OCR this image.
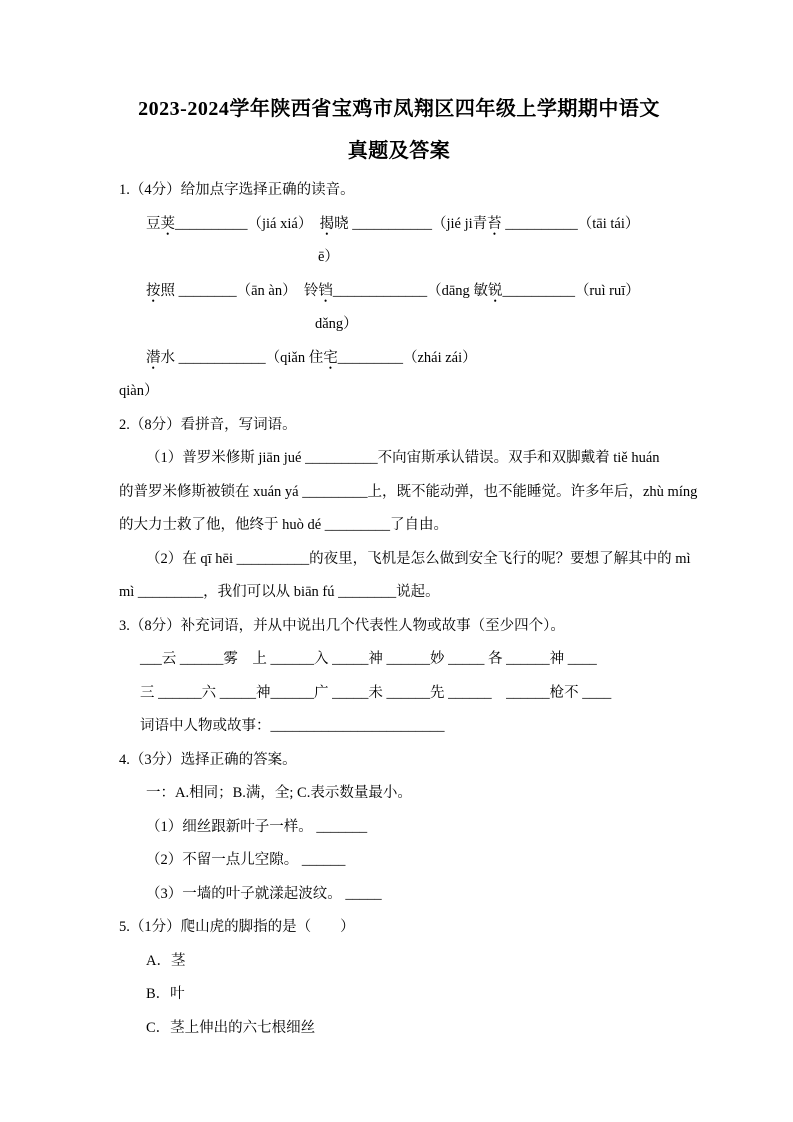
2023-2024学年陕西省宝鸡市凤翔区四年级上学期期中语文
真题及答案
1.（4分）给加点字选择正确的读音。
豆荚__________（jiá xiá）　揭晓 ___________（jié ji青苔 __________（tāi tái）
ē）
按照 ________（ān àn）　铃铛_____________（dāng 敏锐__________（ruì ruī）
dǎng）
潜水 ____________（qiǎn 住宅_________（zhái zái）
qiàn）
2.（8分）看拼音，写词语。
（1）普罗米修斯 jiān jué __________不向宙斯承认错误。双手和双脚戴着 tiě huán
的普罗米修斯被锁在 xuán yá _________上，既不能动弹，也不能睡觉。许多年后，zhù míng
的大力士救了他，他终于 huò dé _________了自由。
（2）在 qī hēi __________的夜里，飞机是怎么做到安全飞行的呢？要想了解其中的 mì
mì _________，我们可以从 biān fú ________说起。
3.（8分）补充词语，并从中说出几个代表性人物或故事（至少四个）。
___云 ______雾　上 ______入 _____神 ______妙 _____ 各 ______神 ____
三 ______六 _____神______广 _____未 ______先 ______　______枪不 ____
词语中人物或故事：________________________
4.（3分）选择正确的答案。
一：A.相同；B.满，全; C.表示数量最小。
（1）细丝跟新叶子一样。 _______
（2）不留一点儿空隙。 ______
（3）一墙的叶子就漾起波纹。 _____
5.（1分）爬山虎的脚指的是（　　）
A．茎
B．叶
C．茎上伸出的六七根细丝
